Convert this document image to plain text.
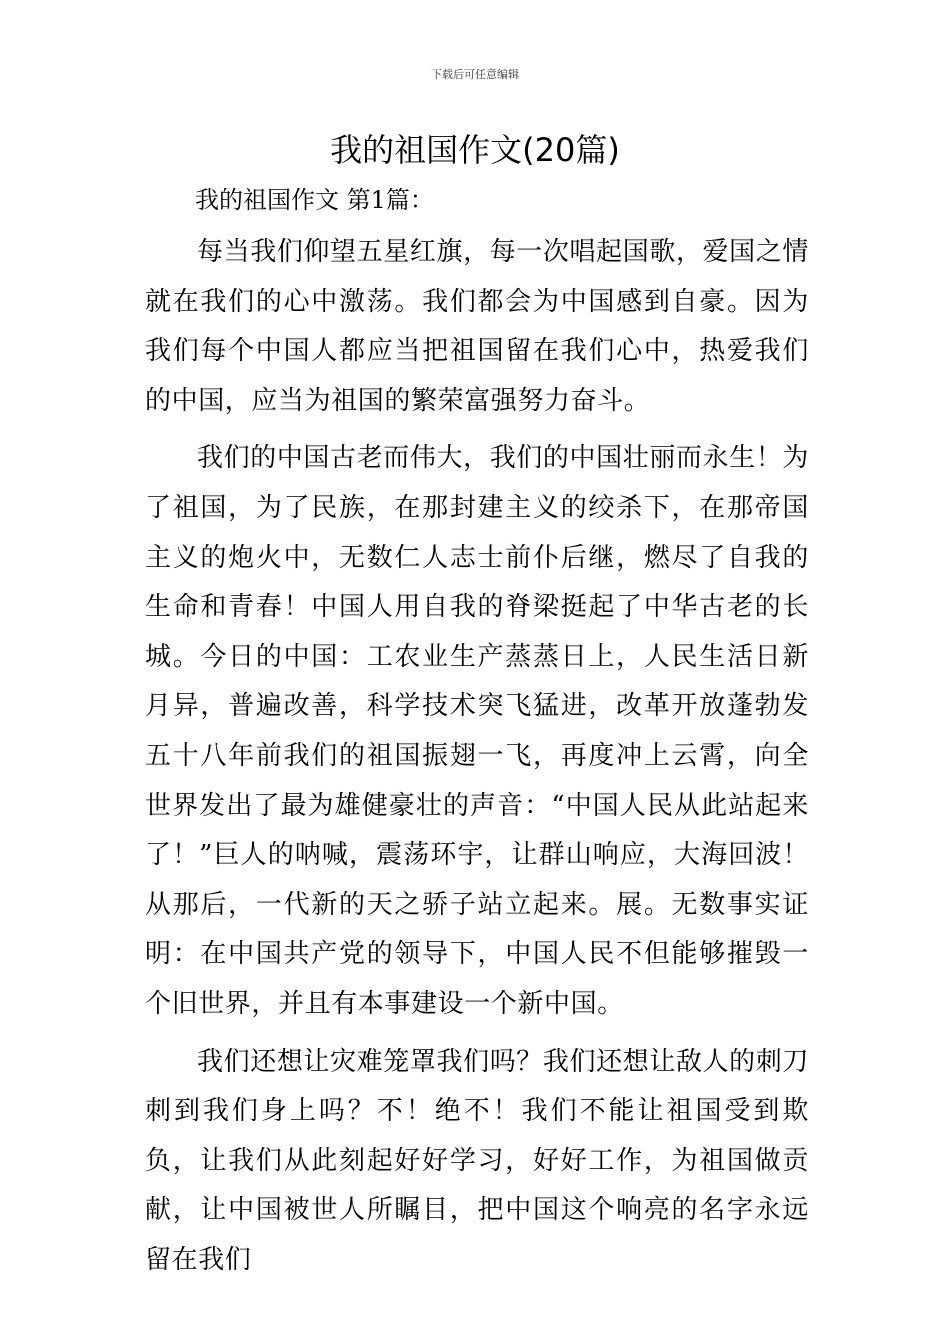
下载后可任意编辑
我的祖国作文(20篇)
我的祖国作文 第1篇：

每当我们仰望五星红旗，每一次唱起国歌，爱国之情就在我们的心中激荡。我们都会为中国感到自豪。因为我们每个中国人都应当把祖国留在我们心中，热爱我们的中国，应当为祖国的繁荣富强努力奋斗。

我们的中国古老而伟大，我们的中国壮丽而永生！为了祖国，为了民族，在那封建主义的绞杀下，在那帝国主义的炮火中，无数仁人志士前仆后继，燃尽了自我的生命和青春！中国人用自我的脊梁挺起了中华古老的长城。今日的中国：工农业生产蒸蒸日上，人民生活日新月异，普遍改善，科学技术突飞猛进，改革开放蓬勃发五十八年前我们的祖国振翅一飞，再度冲上云霄，向全世界发出了最为雄健豪壮的声音：“中国人民从此站起来了！”巨人的呐喊，震荡环宇，让群山响应，大海回波！从那后，一代新的天之骄子站立起来。展。无数事实证明：在中国共产党的领导下，中国人民不但能够摧毁一个旧世界，并且有本事建设一个新中国。

我们还想让灾难笼罩我们吗？我们还想让敌人的刺刀刺到我们身上吗？不！绝不！我们不能让祖国受到欺负，让我们从此刻起好好学习，好好工作，为祖国做贡献，让中国被世人所瞩目，把中国这个响亮的名字永远留在我们
